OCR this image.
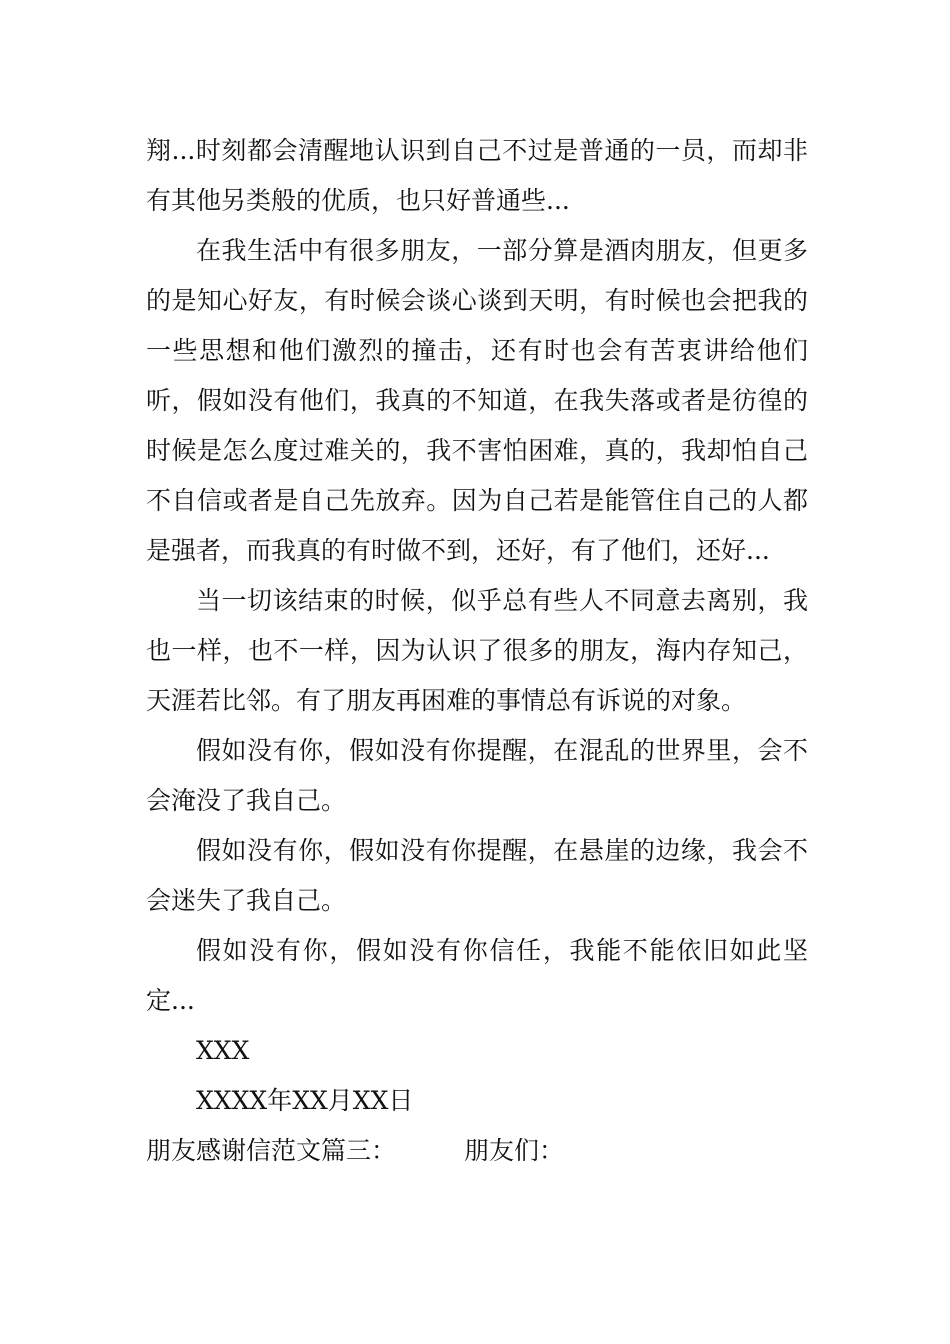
翔...时刻都会清醒地认识到自己不过是普通的一员，而却非有其他另类般的优质，也只好普通些...

在我生活中有很多朋友，一部分算是酒肉朋友，但更多的是知心好友，有时候会谈心谈到天明，有时候也会把我的一些思想和他们激烈的撞击，还有时也会有苦衷讲给他们听，假如没有他们，我真的不知道，在我失落或者是彷徨的时候是怎么度过难关的，我不害怕困难，真的，我却怕自己不自信或者是自己先放弃。因为自己若是能管住自己的人都是强者，而我真的有时做不到，还好，有了他们，还好...

当一切该结束的时候，似乎总有些人不同意去离别，我也一样，也不一样，因为认识了很多的朋友，海内存知己，天涯若比邻。有了朋友再困难的事情总有诉说的对象。

假如没有你，假如没有你提醒，在混乱的世界里，会不会淹没了我自己。

假如没有你，假如没有你提醒，在悬崖的边缘，我会不会迷失了我自己。

假如没有你，假如没有你信任，我能不能依旧如此坚定...

XXX

XXXX年XX月XX日

朋友感谢信范文篇三：	朋友们：
